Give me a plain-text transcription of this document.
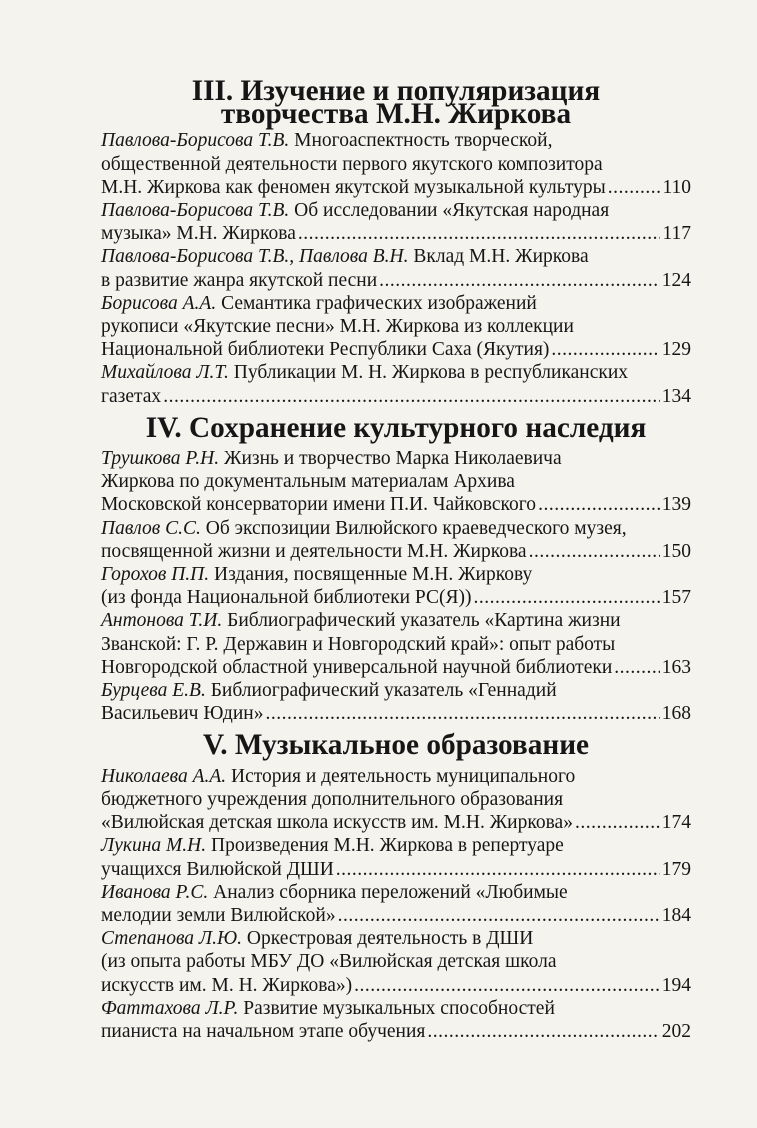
III. Изучение и популяризация
творчества М.Н. Жиркова
Павлова-Борисова Т.В. Многоаспектность творческой,
общественной деятельности первого якутского композитора
М.Н. Жиркова как феномен якутской музыкальной культуры .....	110
Павлова-Борисова Т.В. Об исследовании «Якутская народная
музыка» М.Н. Жиркова .....	117
Павлова-Борисова Т.В., Павлова В.Н. Вклад М.Н. Жиркова
в развитие жанра якутской песни .....	124
Борисова А.А. Семантика графических изображений
рукописи «Якутские песни» М.Н. Жиркова из коллекции
Национальной библиотеки Республики Саха (Якутия) .....	129
Михайлова Л.Т. Публикации М. Н. Жиркова в республиканских
газетах .....	134
IV. Сохранение культурного наследия
Трушкова Р.Н. Жизнь и творчество Марка Николаевича
Жиркова по документальным материалам Архива
Московской консерватории имени П.И. Чайковского .....	139
Павлов С.С. Об экспозиции Вилюйского краеведческого музея,
посвященной жизни и деятельности М.Н. Жиркова .....	150
Горохов П.П. Издания, посвященные М.Н. Жиркову
(из фонда Национальной библиотеки РС(Я)) .....	157
Антонова Т.И. Библиографический указатель «Картина жизни
Званской: Г. Р. Державин и Новгородский край»: опыт работы
Новгородской областной универсальной научной библиотеки .....	163
Бурцева Е.В. Библиографический указатель «Геннадий
Васильевич Юдин» .....	168
V. Музыкальное образование
Николаева А.А. История и деятельность муниципального
бюджетного учреждения дополнительного образования
«Вилюйская детская школа искусств им. М.Н. Жиркова» .....	174
Лукина М.Н. Произведения М.Н. Жиркова в репертуаре
учащихся Вилюйской ДШИ .....	179
Иванова Р.С. Анализ сборника переложений «Любимые
мелодии земли Вилюйской» .....	184
Степанова Л.Ю. Оркестровая деятельность в ДШИ
(из опыта работы МБУ ДО «Вилюйская детская школа
искусств им. М. Н. Жиркова») .....	194
Фаттахова Л.Р. Развитие музыкальных способностей
пианиста на начальном этапе обучения .....	202
